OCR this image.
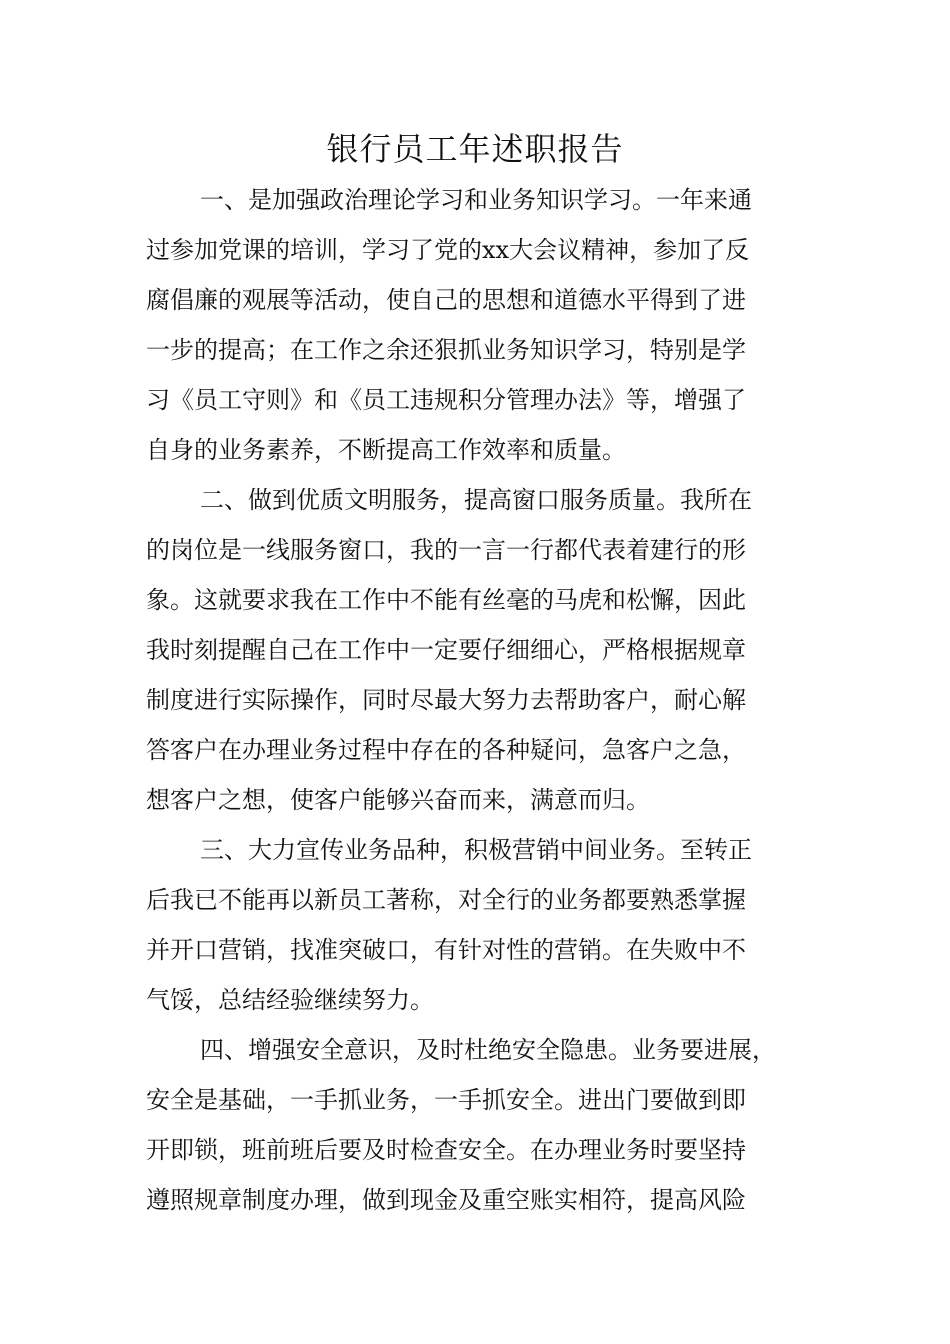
银行员工年述职报告
一、是加强政治理论学习和业务知识学习。一年来通
过参加党课的培训，学习了党的xx大会议精神，参加了反
腐倡廉的观展等活动，使自己的思想和道德水平得到了进
一步的提高；在工作之余还狠抓业务知识学习，特别是学
习《员工守则》和《员工违规积分管理办法》等，增强了
自身的业务素养，不断提高工作效率和质量。
二、做到优质文明服务，提高窗口服务质量。我所在
的岗位是一线服务窗口，我的一言一行都代表着建行的形
象。这就要求我在工作中不能有丝毫的马虎和松懈，因此
我时刻提醒自己在工作中一定要仔细细心，严格根据规章
制度进行实际操作，同时尽最大努力去帮助客户，耐心解
答客户在办理业务过程中存在的各种疑问，急客户之急，
想客户之想，使客户能够兴奋而来，满意而归。
三、大力宣传业务品种，积极营销中间业务。至转正
后我已不能再以新员工著称，对全行的业务都要熟悉掌握
并开口营销，找准突破口，有针对性的营销。在失败中不
气馁，总结经验继续努力。
四、增强安全意识，及时杜绝安全隐患。业务要进展，
安全是基础，一手抓业务，一手抓安全。进出门要做到即
开即锁，班前班后要及时检查安全。在办理业务时要坚持
遵照规章制度办理，做到现金及重空账实相符，提高风险
